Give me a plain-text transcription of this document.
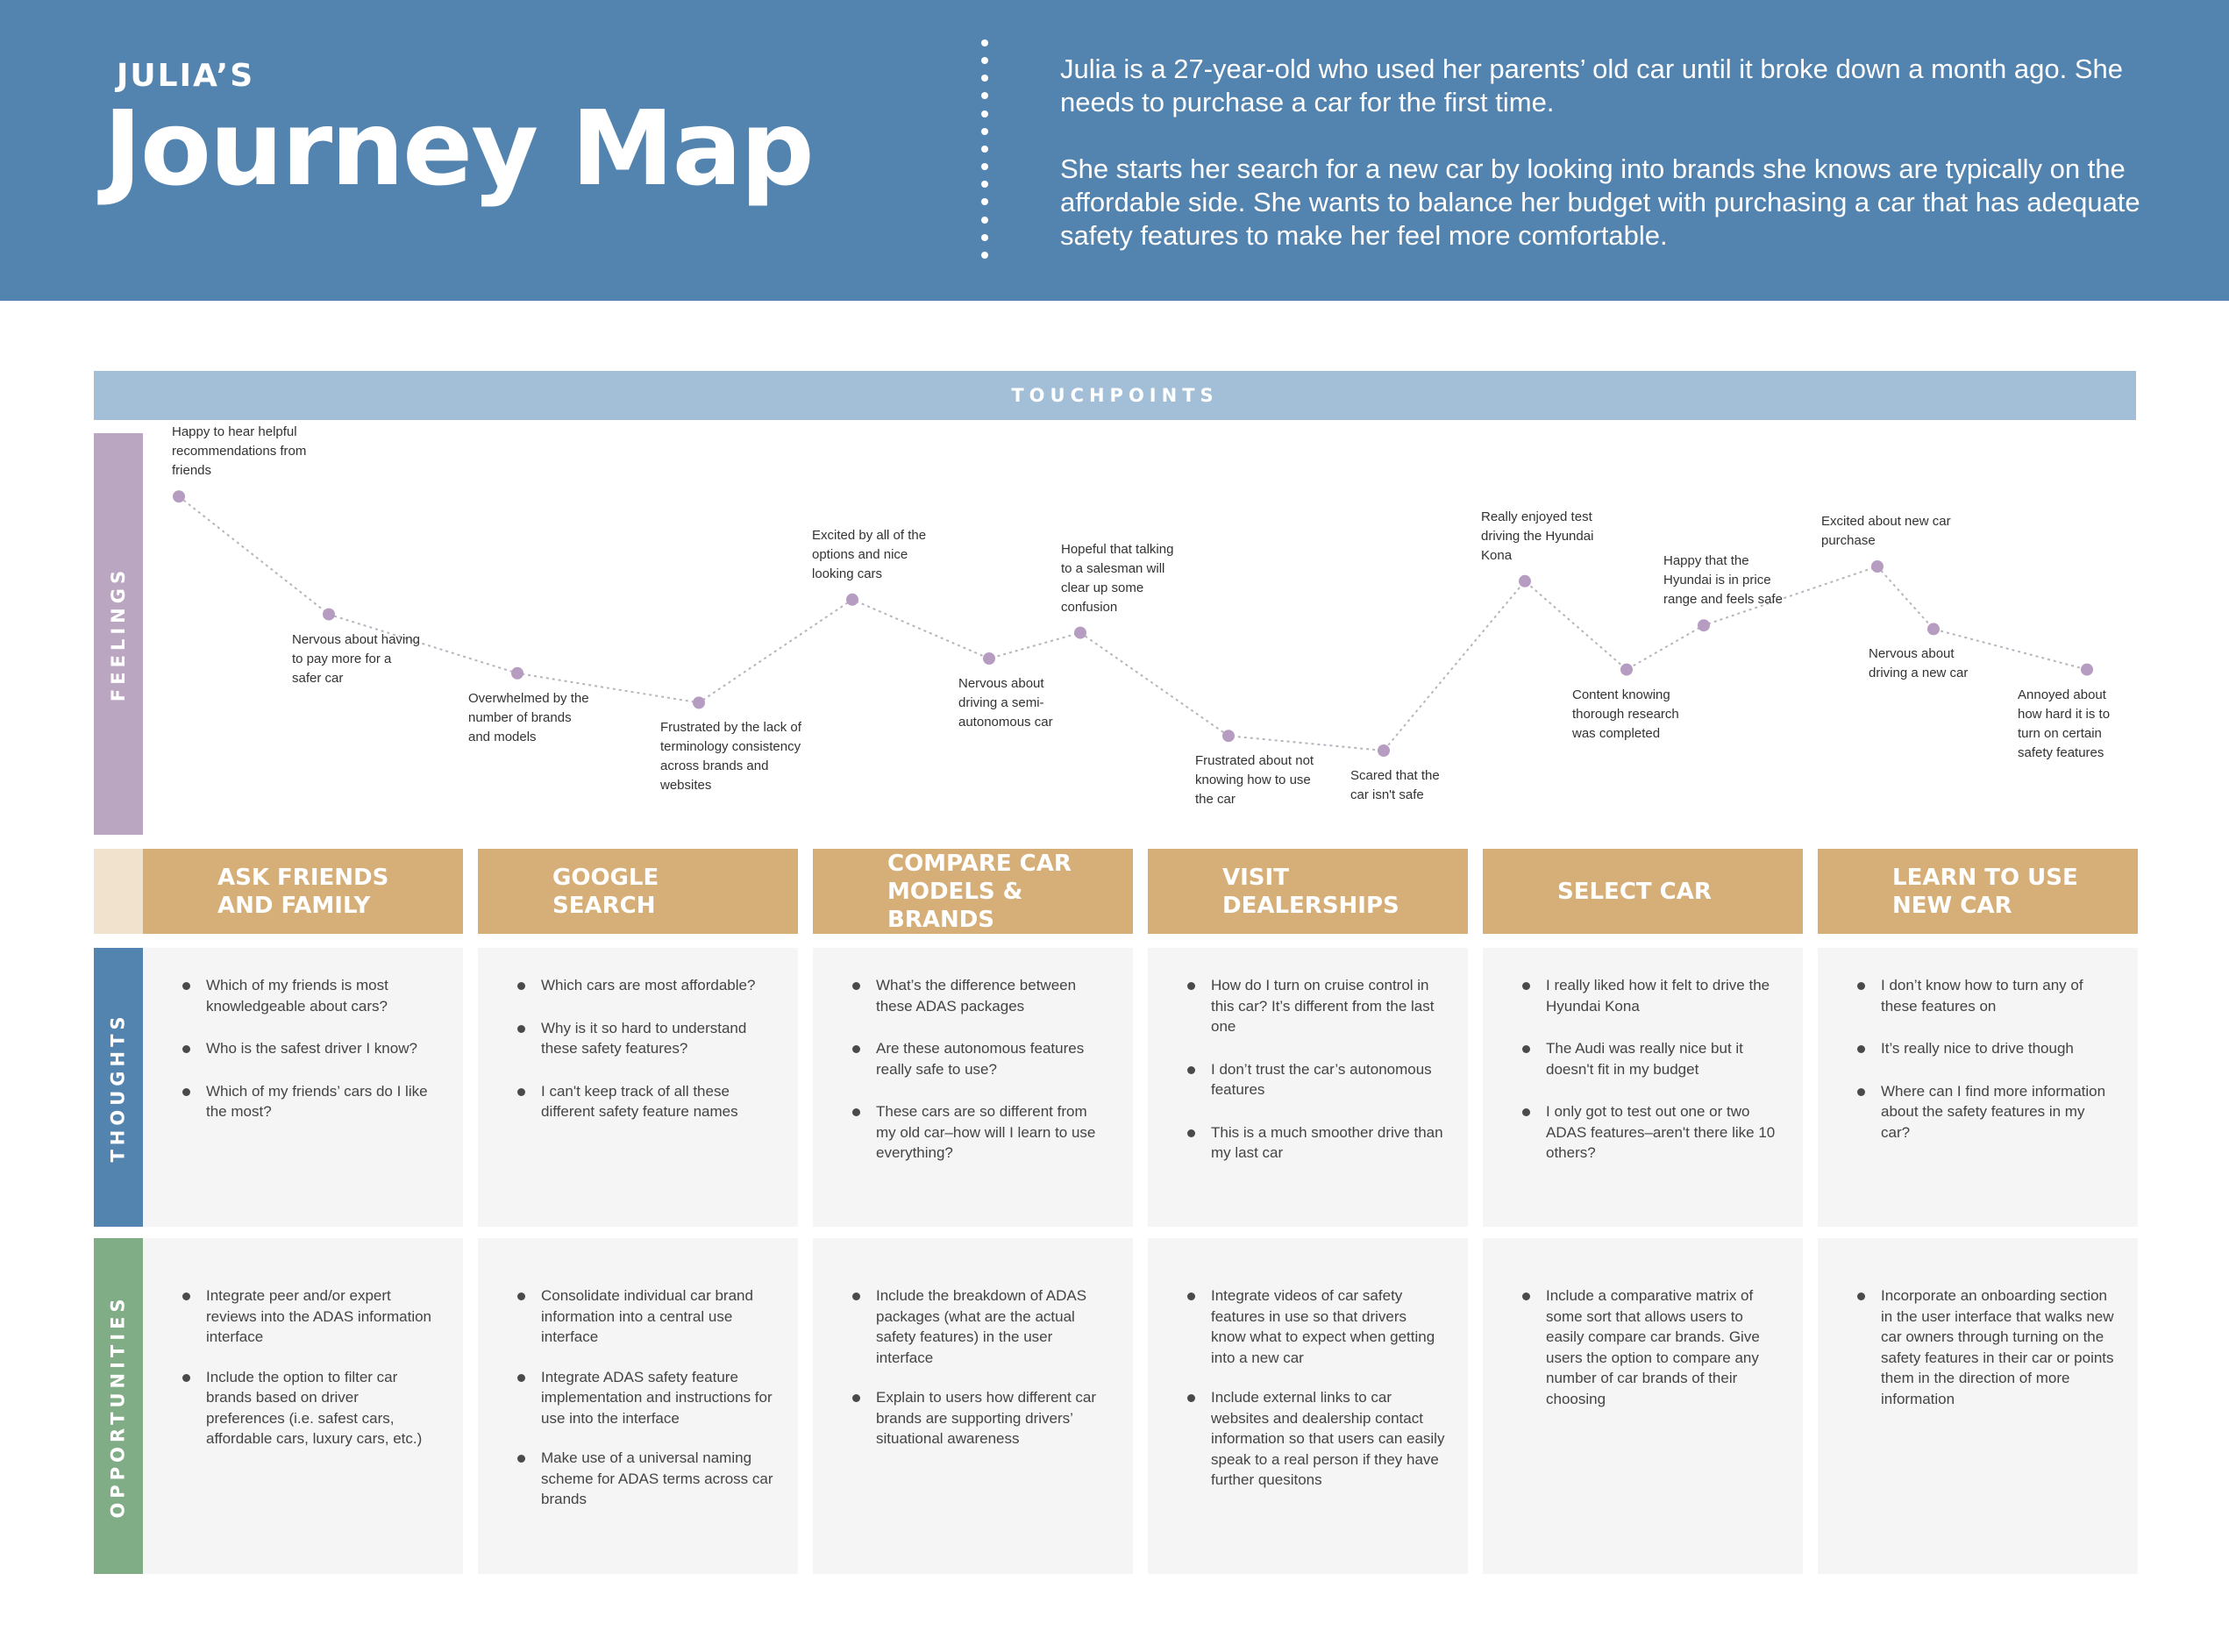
JULIA’S
Journey Map

Julia is a 27-year-old who used her parents’ old car until it broke down a month ago. She needs to purchase a car for the first time.

She starts her search for a new car by looking into brands she knows are typically on the affordable side. She wants to balance her budget with purchasing a car that has adequate safety features to make her feel more comfortable.

TOUCHPOINTS
FEELINGS
THOUGHTS
OPPORTUNITIES
Happy to hear helpful recommendations from friends
Nervous about having to pay more for a safer car
Overwhelmed by the number of brands and models
Frustrated by the lack of terminology consistency across brands and websites
Excited by all of the options and nice looking cars
Nervous about driving a semi-autonomous car
Hopeful that talking to a salesman will clear up some confusion
Frustrated about not knowing how to use the car
Scared that the car isn't safe
Really enjoyed test driving the Hyundai Kona
Content knowing thorough research was completed
Happy that the Hyundai is in price range and feels safe
Excited about new car purchase
Nervous about driving a new car
Annoyed about how hard it is to turn on certain safety features
ASK FRIENDS
AND FAMILY
GOOGLE
SEARCH
COMPARE CAR
MODELS & BRANDS
VISIT
DEALERSHIPS
SELECT CAR
LEARN TO USE
NEW CAR
Which of my friends is most knowledgeable about cars?
Who is the safest driver I know?
Which of my friends’ cars do I like the most?
Which cars are most affordable?
Why is it so hard to understand these safety features?
I can't keep track of all these different safety feature names
What’s the difference between these ADAS packages
Are these autonomous features really safe to use?
These cars are so different from my old car–how will I learn to use everything?
How do I turn on cruise control in this car? It’s different from the last one
I don’t trust the car’s autonomous features
This is a much smoother drive than my last car
I really liked how it felt to drive the Hyundai Kona
The Audi was really nice but it doesn't fit in my budget
I only got to test out one or two ADAS features–aren't there like 10 others?
I don’t know how to turn any of these features on
It’s really nice to drive though
Where can I find more information about the safety features in my car?
Integrate peer and/or expert reviews into the ADAS information interface
Include the option to filter car brands based on driver preferences (i.e. safest cars, affordable cars, luxury cars, etc.)
Consolidate individual car brand information into a central use interface
Integrate ADAS safety feature implementation and instructions for use into the interface
Make use of a universal naming scheme for ADAS terms across car brands
Include the breakdown of ADAS packages (what are the actual safety features) in the user interface
Explain to users how different car brands are supporting drivers’ situational awareness
Integrate videos of car safety features in use so that drivers know what to expect when getting into a new car
Include external links to car websites and dealership contact information so that users can easily speak to a real person if they have further quesitons
Include a comparative matrix of some sort that allows users to easily compare car brands. Give users the option to compare any number of car brands of their choosing
Incorporate an onboarding section in the user interface that walks new car owners through turning on the safety features in their car or points them in the direction of more information
